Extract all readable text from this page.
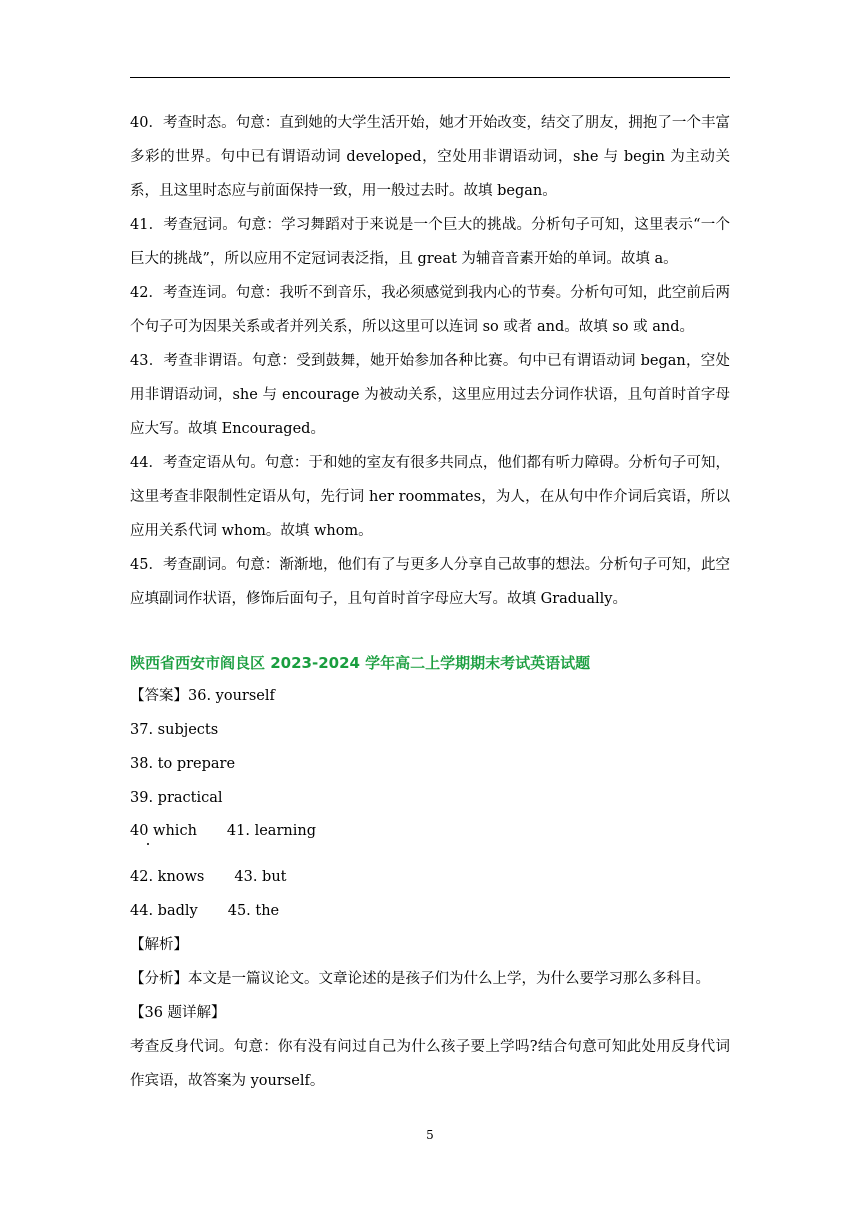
40．考查时态。句意：直到她的大学生活开始，她才开始改变，结交了朋友，拥抱了一个丰富多彩的世界。句中已有谓语动词 developed，空处用非谓语动词，she 与 begin 为主动关系，且这里时态应与前面保持一致，用一般过去时。故填 began。

41．考查冠词。句意：学习舞蹈对于来说是一个巨大的挑战。分析句子可知，这里表示“一个巨大的挑战”，所以应用不定冠词表泛指，且 great 为辅音音素开始的单词。故填 a。

42．考查连词。句意：我听不到音乐，我必须感觉到我内心的节奏。分析句可知，此空前后两个句子可为因果关系或者并列关系，所以这里可以连词 so 或者 and。故填 so 或 and。

43．考查非谓语。句意：受到鼓舞，她开始参加各种比赛。句中已有谓语动词 began，空处用非谓语动词，she 与 encourage 为被动关系，这里应用过去分词作状语，且句首时首字母应大写。故填 Encouraged。

44．考查定语从句。句意：于和她的室友有很多共同点，他们都有听力障碍。分析句子可知，这里考查非限制性定语从句，先行词 her roommates，为人，在从句中作介词后宾语，所以应用关系代词 whom。故填 whom。

45．考查副词。句意：渐渐地，他们有了与更多人分享自己故事的想法。分析句子可知，此空应填副词作状语，修饰后面句子，且句首时首字母应大写。故填 Gradually。

陕西省西安市阎良区 2023-2024 学年高二上学期期末考试英语试题
【答案】36. yourself
37. subjects
38. to prepare
39. practical
40 which 41. learning
42. knows 43. but
44. badly 45. the
【解析】
【分析】本文是一篇议论文。文章论述的是孩子们为什么上学，为什么要学习那么多科目。
【36 题详解】

考查反身代词。句意：你有没有问过自己为什么孩子要上学吗?结合句意可知此处用反身代词作宾语，故答案为 yourself。

5
